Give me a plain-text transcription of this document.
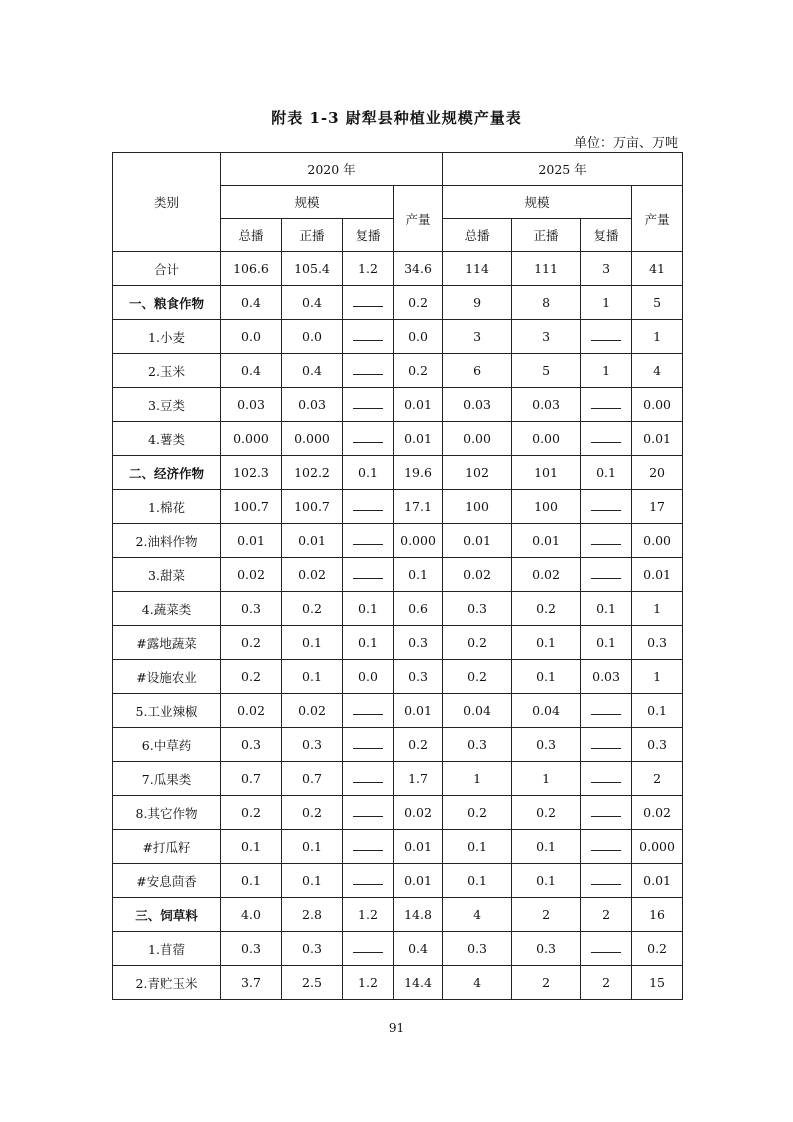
附表 1-3 尉犁县种植业规模产量表
单位：万亩、万吨
类别	2020 年				2025 年			
	规模			产量	规模			产量
	总播	正播	复播		总播	正播	复播	
合计	106.6	105.4	1.2	34.6	114	111	3	41
一、粮食作物	0.4	0.4		0.2	9	8	1	5
1.小麦	0.0	0.0		0.0	3	3		1
2.玉米	0.4	0.4		0.2	6	5	1	4
3.豆类	0.03	0.03		0.01	0.03	0.03		0.00
4.薯类	0.000	0.000		0.01	0.00	0.00		0.01
二、经济作物	102.3	102.2	0.1	19.6	102	101	0.1	20
1.棉花	100.7	100.7		17.1	100	100		17
2.油料作物	0.01	0.01		0.000	0.01	0.01		0.00
3.甜菜	0.02	0.02		0.1	0.02	0.02		0.01
4.蔬菜类	0.3	0.2	0.1	0.6	0.3	0.2	0.1	1
#露地蔬菜	0.2	0.1	0.1	0.3	0.2	0.1	0.1	0.3
#设施农业	0.2	0.1	0.0	0.3	0.2	0.1	0.03	1
5.工业辣椒	0.02	0.02		0.01	0.04	0.04		0.1
6.中草药	0.3	0.3		0.2	0.3	0.3		0.3
7.瓜果类	0.7	0.7		1.7	1	1		2
8.其它作物	0.2	0.2		0.02	0.2	0.2		0.02
#打瓜籽	0.1	0.1		0.01	0.1	0.1		0.000
#安息茴香	0.1	0.1		0.01	0.1	0.1		0.01
三、饲草料	4.0	2.8	1.2	14.8	4	2	2	16
1.苜蓿	0.3	0.3		0.4	0.3	0.3		0.2
2.青贮玉米	3.7	2.5	1.2	14.4	4	2	2	15
91
